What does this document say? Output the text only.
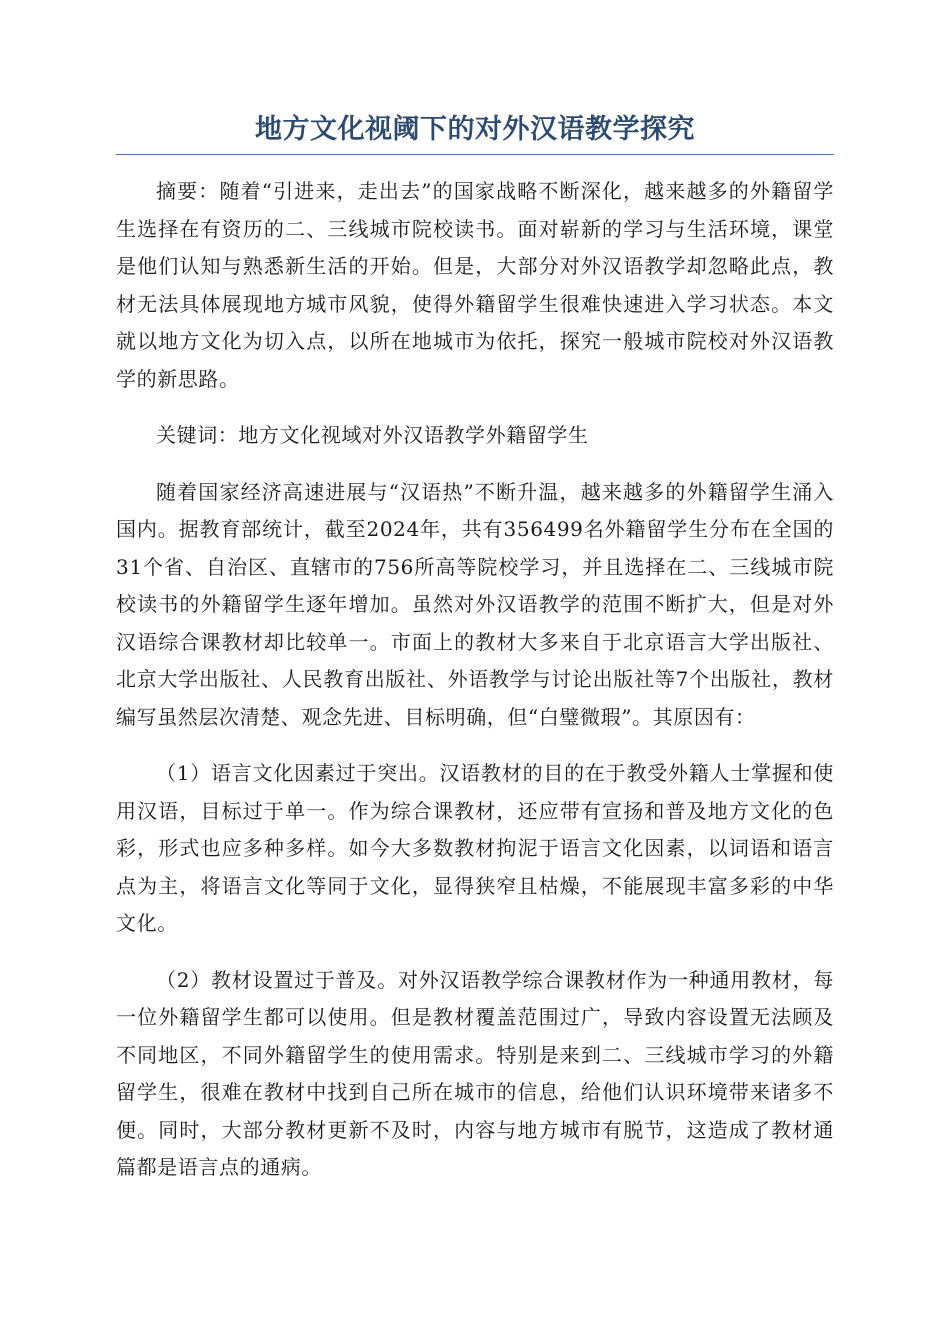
地方文化视阈下的对外汉语教学探究

摘要：随着“引进来，走出去”的国家战略不断深化，越来越多的外籍留学生选择在有资历的二、三线城市院校读书。面对崭新的学习与生活环境，课堂是他们认知与熟悉新生活的开始。但是，大部分对外汉语教学却忽略此点，教材无法具体展现地方城市风貌，使得外籍留学生很难快速进入学习状态。本文就以地方文化为切入点，以所在地城市为依托，探究一般城市院校对外汉语教学的新思路。

关键词：地方文化视域对外汉语教学外籍留学生

随着国家经济高速进展与“汉语热”不断升温，越来越多的外籍留学生涌入国内。据教育部统计，截至2024年，共有356499名外籍留学生分布在全国的31个省、自治区、直辖市的756所高等院校学习，并且选择在二、三线城市院校读书的外籍留学生逐年增加。虽然对外汉语教学的范围不断扩大，但是对外汉语综合课教材却比较单一。市面上的教材大多来自于北京语言大学出版社、北京大学出版社、人民教育出版社、外语教学与讨论出版社等7个出版社，教材编写虽然层次清楚、观念先进、目标明确，但“白璧微瑕”。其原因有：

（1）语言文化因素过于突出。汉语教材的目的在于教受外籍人士掌握和使用汉语，目标过于单一。作为综合课教材，还应带有宣扬和普及地方文化的色彩，形式也应多种多样。如今大多数教材拘泥于语言文化因素，以词语和语言点为主，将语言文化等同于文化，显得狭窄且枯燥，不能展现丰富多彩的中华文化。

（2）教材设置过于普及。对外汉语教学综合课教材作为一种通用教材，每一位外籍留学生都可以使用。但是教材覆盖范围过广，导致内容设置无法顾及不同地区，不同外籍留学生的使用需求。特别是来到二、三线城市学习的外籍留学生，很难在教材中找到自己所在城市的信息，给他们认识环境带来诸多不便。同时，大部分教材更新不及时，内容与地方城市有脱节，这造成了教材通篇都是语言点的通病。
